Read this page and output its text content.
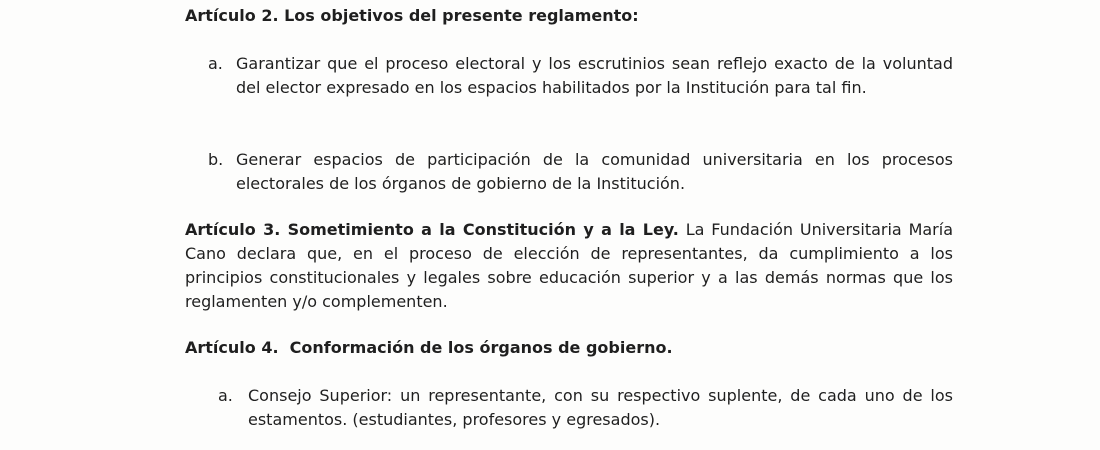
Artículo 2. Los objetivos del presente reglamento:
a. Garantizar que el proceso electoral y los escrutinios sean reflejo exacto de la voluntad del elector expresado en los espacios habilitados por la Institución para tal fin.
b. Generar espacios de participación de la comunidad universitaria en los procesos electorales de los órganos de gobierno de la Institución.
Artículo 3. Sometimiento a la Constitución y a la Ley. La Fundación Universitaria María Cano declara que, en el proceso de elección de representantes, da cumplimiento a los principios constitucionales y legales sobre educación superior y a las demás normas que los reglamenten y/o complementen.
Artículo 4.  Conformación de los órganos de gobierno.
a. Consejo Superior: un representante, con su respectivo suplente, de cada uno de los estamentos. (estudiantes, profesores y egresados).
